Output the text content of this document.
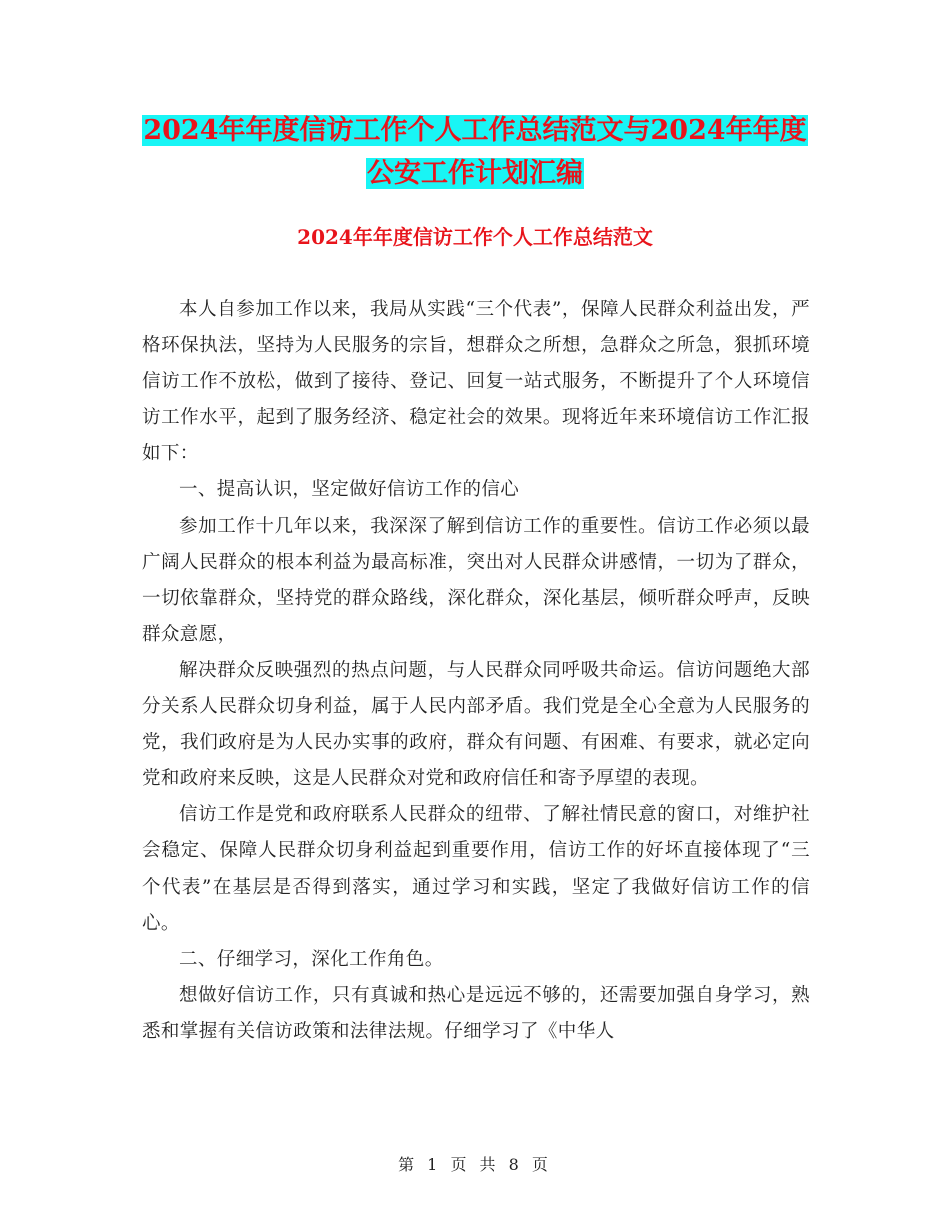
2024年年度信访工作个人工作总结范文与2024年年度
公安工作计划汇编
2024年年度信访工作个人工作总结范文

本人自参加工作以来，我局从实践“三个代表”，保障人民群众利益出发，严格环保执法，坚持为人民服务的宗旨，想群众之所想，急群众之所急，狠抓环境信访工作不放松，做到了接待、登记、回复一站式服务，不断提升了个人环境信访工作水平，起到了服务经济、稳定社会的效果。现将近年来环境信访工作汇报如下：

一、提高认识，坚定做好信访工作的信心

参加工作十几年以来，我深深了解到信访工作的重要性。信访工作必须以最广阔人民群众的根本利益为最高标准，突出对人民群众讲感情，一切为了群众，一切依靠群众，坚持党的群众路线，深化群众，深化基层，倾听群众呼声，反映群众意愿，

解决群众反映强烈的热点问题，与人民群众同呼吸共命运。信访问题绝大部分关系人民群众切身利益，属于人民内部矛盾。我们党是全心全意为人民服务的党，我们政府是为人民办实事的政府，群众有问题、有困难、有要求，就必定向党和政府来反映，这是人民群众对党和政府信任和寄予厚望的表现。

信访工作是党和政府联系人民群众的纽带、了解社情民意的窗口，对维护社会稳定、保障人民群众切身利益起到重要作用，信访工作的好坏直接体现了“三个代表”在基层是否得到落实，通过学习和实践，坚定了我做好信访工作的信心。

二、仔细学习，深化工作角色。

想做好信访工作，只有真诚和热心是远远不够的，还需要加强自身学习，熟悉和掌握有关信访政策和法律法规。仔细学习了《中华人

第 1 页 共 8 页
